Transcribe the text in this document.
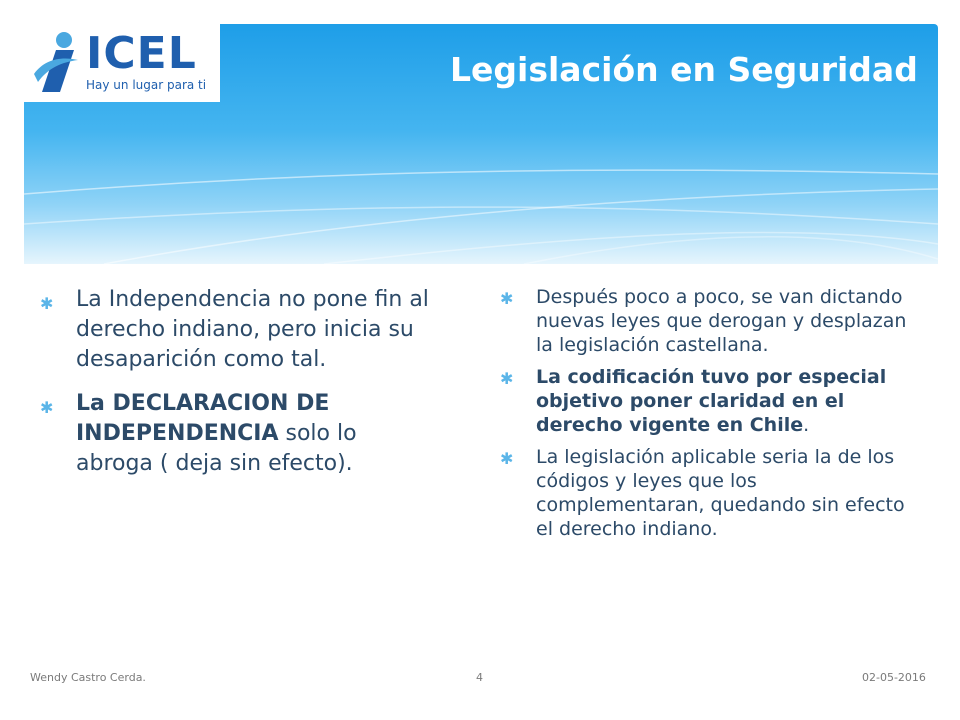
ICEL
Hay un lugar para ti	Legislación en Seguridad
✱ La Independencia no pone fin al derecho indiano, pero inicia su desaparición como tal.
✱ La DECLARACION DE INDEPENDENCIA solo lo abroga ( deja sin efecto).
✱ Después poco a poco, se van dictando nuevas leyes que derogan y desplazan la legislación castellana.
✱ La codificación tuvo por especial objetivo poner claridad en el derecho vigente en Chile.
✱ La legislación aplicable seria la de los códigos y leyes que los complementaran, quedando sin efecto el derecho indiano.
Wendy Castro Cerda.	4	02-05-2016
